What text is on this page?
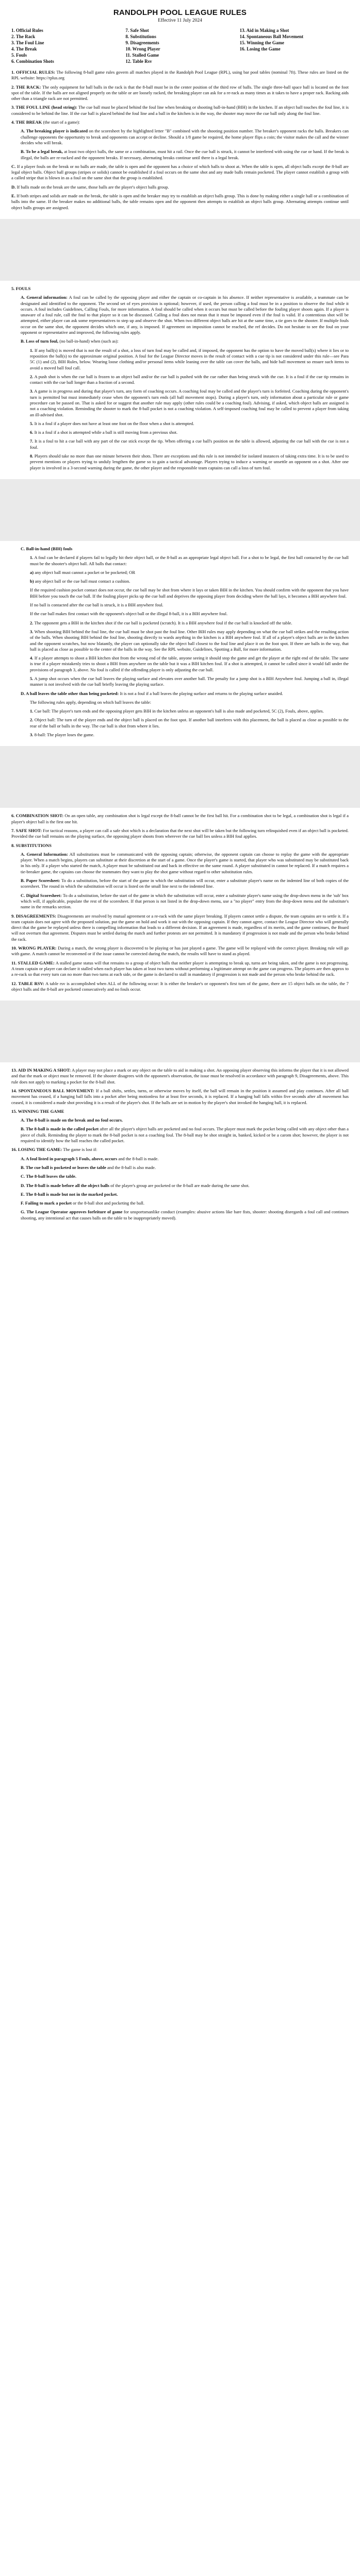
RANDOLPH POOL LEAGUE RULES
Effective 11 July 2024
1. Official Rules	7. Safe Shot	13. Aid in Making a Shot
2. The Rack	8. Substitutions	14. Spontaneous Ball Movement
3. The Foul Line	9. Disagreements	15. Winning the Game
4. The Break	10. Wrong Player	16. Losing the Game
5. Fouls	11. Stalled Game
6. Combination Shots	12. Table Rsv

1. OFFICIAL RULES: The following 8-ball game rules govern all matches played in the Randolph Pool League (RPL), using bar pool tables (nominal 7ft). These rules are listed on the RPL website: https://rplus.org

2. THE RACK: The only equipment for ball balls in the rack is that the 8-ball must be in the center position of the third row of balls. The single three-ball space ball is located on the foot spot of the table. If the balls are not aligned properly on the table or are loosely racked, the breaking player can ask for a re-rack as many times as it takes to have a proper rack. Racking aids other than a triangle rack are not permitted.

3. THE FOUL LINE (head string): The cue ball must be placed behind the foul line when breaking or shooting ball-in-hand (BIH) in the kitchen. If an object ball touches the foul line, it is considered to be behind the line. If the cue ball is placed behind the foul line and a ball in the kitchen is in the way, the shooter may move the cue ball only along the foul line.

4. THE BREAK (the start of a game):

A. The breaking player is indicated on the scoresheet by the highlighted letter "B" combined with the shooting position number. The breaker's opponent racks the balls. Breakers can challenge opponents the opportunity to break and opponents can accept or decline. Should a 1/8 game be required, the home player flips a coin; the visitor makes the call and the winner decides who will break.

B. To be a legal break, at least two object balls, the same or a combination, must hit a rail. Once the cue ball is struck, it cannot be interfered with using the cue or hand. If the break is illegal, the balls are re-racked and the opponent breaks. If necessary, alternating breaks continue until there is a legal break.

C. If a player fouls on the break or no balls are made, the table is open and the opponent has a choice of which balls to shoot at. When the table is open, all object balls except the 8-ball are legal object balls. Object ball groups (stripes or solids) cannot be established if a foul occurs on the same shot and any made balls remain pocketed. The player cannot establish a group with a called stripe that is blown in as a foul on the same shot that the group is established.

D. If balls made on the break are the same, those balls are the player's object balls group.

E. If both stripes and solids are made on the break, the table is open and the breaker may try to establish an object balls group. This is done by making either a single ball or a combination of balls into the same. If the breaker makes no additional balls, the table remains open and the opponent then attempts to establish an object balls group. Alternating attempts continue until object balls groups are assigned.

5. FOULS

A. General information: A foul can be called by the opposing player and either the captain or co-captain in his absence. If neither representative is available, a teammate can be designated and identified to the opponent. The second set of eyes provision is optional; however, if used, the person calling a foul must be in a position to observe the foul while it occurs. A foul includes Guidelines, Calling Fouls, for more information. A foul should be called when it occurs but must be called before the fouling player shoots again. If a player is unaware of a foul rule, call the foul to that player so it can be discussed. Calling a foul does not mean that it must be imposed even if the foul is valid. If a contentious shot will be attempted, either player can ask some representatives to step up and observe the shot. When two different object balls are hit at the same time, a tie goes to the shooter. If multiple fouls occur on the same shot, the opponent decides which one, if any, is imposed. If agreement on imposition cannot be reached, the ref decides. Do not hesitate to see the foul on your opponent or representative and improved, the following rules apply.

B. Loss of turn foul, (no ball-in-hand) when (such as):

1. If any ball(s) is moved that is not the result of a shot, a loss of turn foul may be called and, if imposed, the opponent has the option to have the moved ball(s) where it lies or to reposition the ball(s) to the approximate original position. A foul for the League Director moves in the result of contact with a cue tip is not considered under this rule—see Para 5C (1) and (2), BIH Rules, below. Wearing loose clothing and/or personal items while leaning over the table can cover the balls, and hide ball movement so ensure such items to avoid a moved ball foul call.

2. A push shot is when the cue ball is frozen to an object ball and/or the cue ball is pushed with the cue rather than being struck with the cue. It is a foul if the cue tip remains in contact with the cue ball longer than a fraction of a second.

3. A game is in progress and during that player's turn, any form of coaching occurs. A coaching foul may be called and the player's turn is forfeited. Coaching during the opponent's turn is permitted but must immediately cease when the opponent's turn ends (all ball movement stops). During a player's turn, only information about a particular rule or game procedure can be passed on. That is asked for or suggest that another rule may apply (other rules could be a coaching foul). Advising, if asked, which object balls are assigned is not a coaching violation. Reminding the shooter to mark the 8-ball pocket is not a coaching violation. A self-imposed coaching foul may be called to prevent a player from taking an ill-advised shot.

5. It is a foul if a player does not have at least one foot on the floor when a shot is attempted.

6. It is a foul if a shot is attempted while a ball is still moving from a previous shot.

7. It is a foul to hit a cue ball with any part of the cue stick except the tip. When offering a cue ball's position on the table is allowed, adjusting the cue ball with the cue is not a foul.

8. Players should take no more than one minute between their shots. There are exceptions and this rule is not intended for isolated instances of taking extra time. It is to be used to prevent mentions or players trying to unduly lengthen the game so to gain a tactical advantage. Players trying to induce a warning or unsettle an opponent on a shot. After one player is involved in a 3-second warning during the game, the other player and the responsible team captains can call a loss of turn foul.

C. Ball-in-hand (BIH) fouls

1. A foul can be declared if players fail to legally hit their object ball, or the 8-ball as an appropriate legal object ball. For a shot to be legal, the first ball contacted by the cue ball must be the shooter's object ball. All balls that contact:

a) any object ball must cannot a pocket or be pocketed; OR

b) any object ball or the cue ball must contact a cushion.

If the required cushion pocket contact does not occur, the cue ball may be shot from where it lays or taken BIH in the kitchen. You should confirm with the opponent that you have BIH before you touch the cue ball. If the fouling player picks up the cue ball and deprives the opposing player from deciding where the ball lays, it becomes a BIH anywhere foul.

If no ball is contacted after the cue ball is struck, it is a BIH anywhere foul.

If the cue ball makes first contact with the opponent's object ball or the illegal 8-ball, it is a BIH anywhere foul.

2. The opponent gets a BIH in the kitchen shot if the cue ball is pocketed (scratch). It is a BIH anywhere foul if the cue ball is knocked off the table.

3. When shooting BIH behind the foul line, the cue ball must be shot past the foul line. Other BIH rules may apply depending on what the cue ball strikes and the resulting action of the balls. When shooting BIH behind the foul line, shooting directly to wards anything in the kitchen is a BIH anywhere foul. If all of a player's object balls are in the kitchen and the opponent scratches, but now blatantly, the player can optionally take the object ball closest to the foul line and place it on the foot spot. If there are balls in the way, that ball is placed as close as possible to the center of the balls in the way. See the RPL website, Guidelines, Spotting a Ball, for more information.

4. If a player attempts to shoot a BIH kitchen shot from the wrong end of the table, anyone seeing it should stop the game and get the player at the right end of the table. The same is true if a player mistakenly tries to shoot a BIH from anywhere on the table but it was a BIH kitchen foul. If a shot is attempted, it cannot be called since it would fall under the provisions of paragraph 3, above. No foul is called if the offending player is only adjusting the cue ball.

5. A jump shot occurs when the cue ball leaves the playing surface and elevates over another ball. The penalty for a jump shot is a BIH Anywhere foul. Jumping a ball in, illegal manner is not involved with the cue ball briefly leaving the playing surface.

D. A ball leaves the table other than being pocketed: It is not a foul if a ball leaves the playing surface and returns to the playing surface unaided.

The following rules apply, depending on which ball leaves the table:

1. Cue ball: The player's turn ends and the opposing player gets BIH in the kitchen unless an opponent's ball is also made and pocketed, 5C (2), Fouls, above, applies.

2. Object ball: The turn of the player ends and the object ball is placed on the foot spot. If another ball interferes with this placement, the ball is placed as close as possible to the rear of the ball or balls in the way. The cue ball is shot from where it lies.

3. 8-ball: The player loses the game.

6. COMBINATION SHOT: On an open table, any combination shot is legal except the 8-ball cannot be the first ball hit. For a combination shot to be legal, a combination shot is legal if a player's object ball is the first one hit.

7. SAFE SHOT: For tactical reasons, a player can call a safe shot which is a declaration that the next shot will be taken but the following turn relinquished even if an object ball is pocketed. Provided the cue ball remains on the playing surface, the opposing player shoots from wherever the cue ball lies unless a BIH foul applies.

8. SUBSTITUTIONS

A. General Information: All substitutions must be communicated with the opposing captain; otherwise, the opponent captain can choose to replay the game with the appropriate player. When a match begins, players can substitute at their discretion at the start of a game. Once the player's game is started, that player who was substituted may be substituted back in his only. If a player who started the match, A player must be substituted out and back in effective on the same round. A player substituted in cannot be replaced. If a match requires a tie-breaker game, the captains can choose the teammates they want to play the shot game without regard to other substitution rules.

B. Paper Scoresheet: To do a substitution, before the start of the game in which the substitution will occur, enter a substitute player's name on the indented line of both copies of the scoresheet. The round in which the substitution will occur is listed on the small line next to the indented line.

C. Digital Scoresheet: To do a substitution, before the start of the game in which the substitution will occur, enter a substitute player's name using the drop-down menu in the 'sub' box which will, if applicable, populate the rest of the scoresheet. If that person is not listed in the drop-down menu, use a "no player" entry from the drop-down menu and the substitute's name in the remarks section.

9. DISAGREEMENTS: Disagreements are resolved by mutual agreement or a re-rack with the same player breaking. If players cannot settle a dispute, the team captains are to settle it. If a team captain does not agree with the proposed solution, put the game on hold and work it out with the opposing captain. If they cannot agree, contact the League Director who will generally direct that the game be replayed unless there is compelling information that leads to a different decision. If an agreement is made, regardless of its merits, and the game continues, the Board will not overturn that agreement. Disputes must be settled during the match and further protests are not permitted. It is mandatory if progression is not made and the person who broke behind the rack.

10. WRONG PLAYER: During a match, the wrong player is discovered to be playing or has just played a game. The game will be replayed with the correct player. Breaking rule will go with game. A match cannot be reconvened or if the issue cannot be corrected during the match, the results will have to stand as played.

11. STALLED GAME: A stalled game status will that remains to a group of object balls that neither player is attempting to break up, turns are being taken, and the game is not progressing. A team captain or player can declare it stalled when each player has taken at least two turns without performing a legitimate attempt on the game can progress. The players are then approx to a re-rack so that every turn can no more than two turns at each side, or the game is declared to stall in mandatory if progression is not made and the person who broke behind the rack.

12. TABLE RSV: A table rsv is accomplished when ALL of the following occur: It is either the breaker's or opponent's first turn of the game, there are 15 object balls on the table, the 7 object balls and the 8-ball are pocketed consecutively and no fouls occur.

13. AID IN MAKING A SHOT: A player may not place a mark or any object on the table to aid in making a shot. An opposing player observing this informs the player that it is not allowed and that the mark or object must be removed. If the shooter disagrees with the opponent's observation, the issue must be resolved in accordance with paragraph 9, Disagreements, above. This rule does not apply to marking a pocket for the 8-ball shot.

14. SPONTANEOUS BALL MOVEMENT: If a ball shifts, settles, turns, or otherwise moves by itself, the ball will remain in the position it assumed and play continues. After all ball movement has ceased, if a hanging ball falls into a pocket after being motionless for at least five seconds, it is replaced. If a hanging ball falls within five seconds after all movement has ceased, it is considered a made shot providing it is a result of the player's shot. If the balls are set in motion by the player's shot invoked the hanging ball, it is replaced.

15. WINNING THE GAME

A. The 8-ball is made on the break and no foul occurs.

B. The 8-ball is made in the called pocket after all the player's object balls are pocketed and no foul occurs. The player must mark the pocket being called with any object other than a piece of chalk. Reminding the player to mark the 8-ball pocket is not a coaching foul. The 8-ball may be shot straight in, banked, kicked or be a carom shot; however, the player is not required to identify how the ball reaches the called pocket.

16. LOSING THE GAME: The game is lost if:

A. A foul listed in paragraph 5 Fouls, above, occurs and the 8-ball is made.

B. The cue ball is pocketed or leaves the table and the 8-ball is also made.

C. The 8-ball leaves the table.

D. The 8-ball is made before all the object balls of the player's group are pocketed or the 8-ball are made during the same shot.

E. The 8-ball is made but not in the marked pocket.

F. Failing to mark a pocket or the 8-ball shot and pocketing the ball.

G. The League Operator approves forfeiture of game for unsportsmanlike conduct (examples: abusive actions like bare fists, shooter: shooting disregards a foul call and continues shooting, any intentional act that causes balls on the table to be inappropriately moved).
